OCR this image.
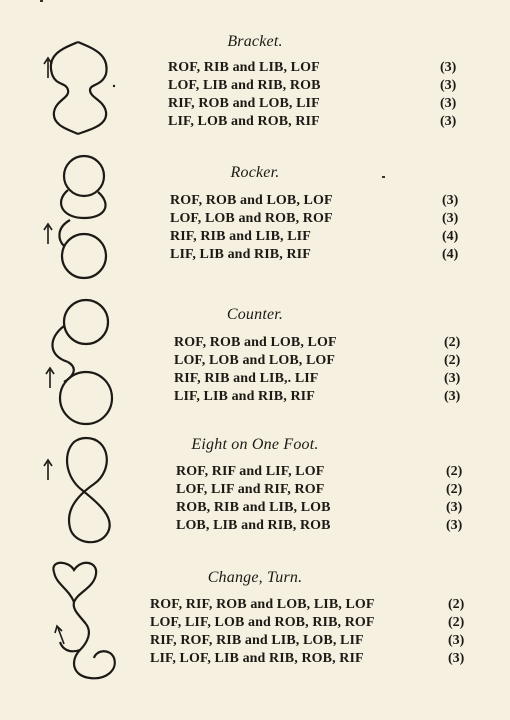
Bracket.
ROF, RIB and LIB, LOF	(3)
LOF, LIB and RIB, ROB	(3)
RIF, ROB and LOB, LIF	(3)
LIF, LOB and ROB, RIF	(3)
Rocker.
ROF, ROB and LOB, LOF	(3)
LOF, LOB and ROB, ROF	(3)
RIF, RIB and LIB, LIF	(4)
LIF, LIB and RIB, RIF	(4)
Counter.
ROF, ROB and LOB, LOF	(2)
LOF, LOB and LOB, LOF	(2)
RIF, RIB and LIB,. LIF	(3)
LIF, LIB and RIB, RIF	(3)
Eight on One Foot.
ROF, RIF and LIF, LOF	(2)
LOF, LIF and RIF, ROF	(2)
ROB, RIB and LIB, LOB	(3)
LOB, LIB and RIB, ROB	(3)
Change, Turn.
ROF, RIF, ROB and LOB, LIB, LOF	(2)
LOF, LIF, LOB and ROB, RIB, ROF	(2)
RIF, ROF, RIB and LIB, LOB, LIF	(3)
LIF, LOF, LIB and RIB, ROB, RIF	(3)
